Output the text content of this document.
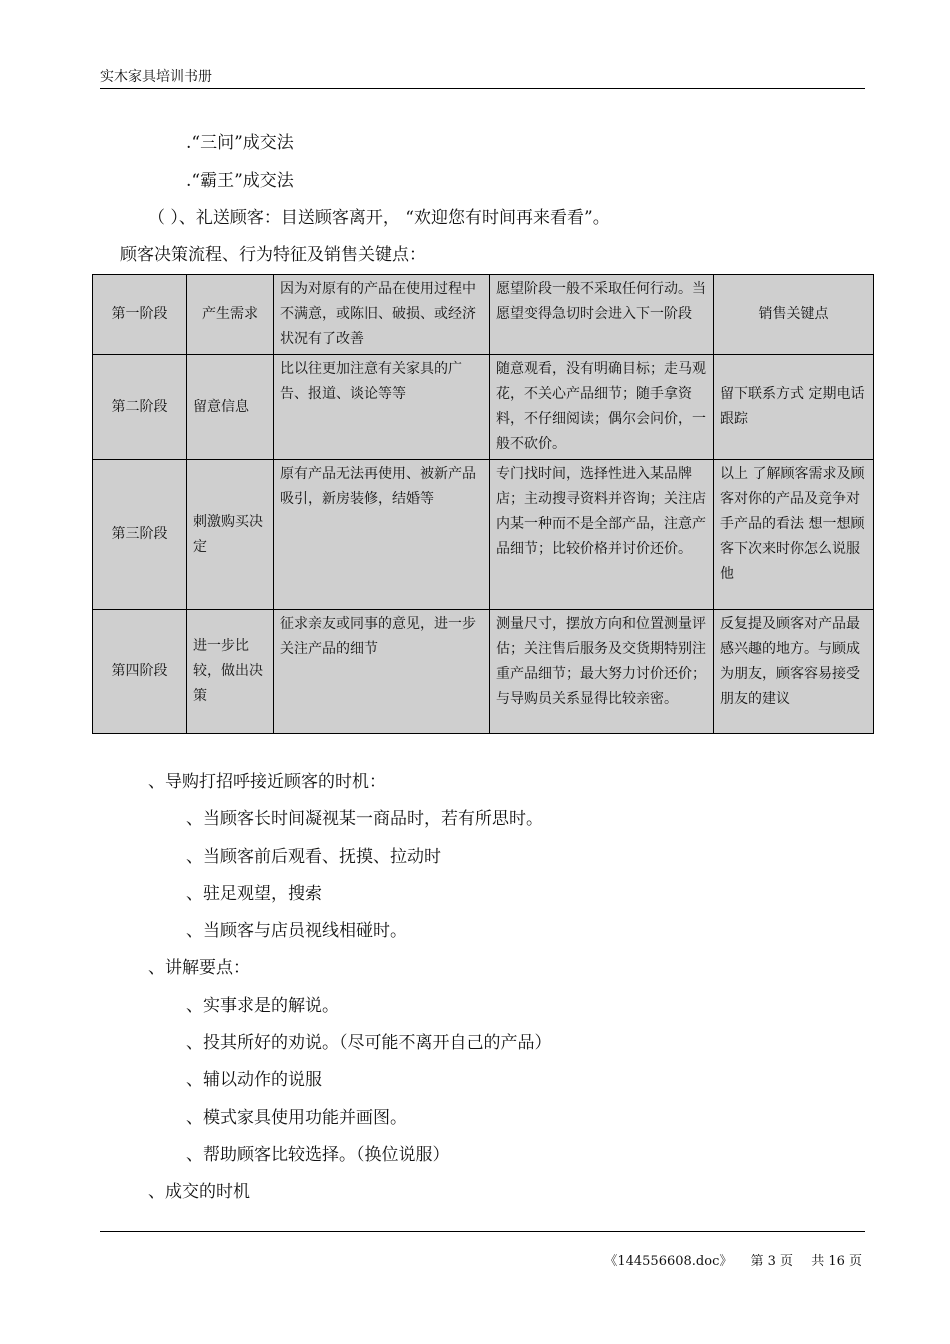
实木家具培训书册
.“三问”成交法
.“霸王”成交法
（ ）、礼送顾客：目送顾客离开， “欢迎您有时间再来看看”。
顾客决策流程、行为特征及销售关键点：
第一阶段	产生需求	因为对原有的产品在使用过程中不满意，或陈旧、破损、或经济状况有了改善	愿望阶段一般不采取任何行动。当愿望变得急切时会进入下一阶段	销售关键点
第二阶段	留意信息	比以往更加注意有关家具的广告、报道、谈论等等	随意观看，没有明确目标；走马观花，不关心产品细节；随手拿资料，不仔细阅读；偶尔会问价，一般不砍价。	留下联系方式 定期电话跟踪
第三阶段	刺激购买决定	原有产品无法再使用、被新产品吸引，新房装修，结婚等	专门找时间，选择性进入某品牌店；主动搜寻资料并咨询；关注店内某一种而不是全部产品，注意产品细节；比较价格并讨价还价。	以上 了解顾客需求及顾客对你的产品及竞争对手产品的看法 想一想顾客下次来时你怎么说服他
第四阶段	进一步比较，做出决策	征求亲友或同事的意见，进一步关注产品的细节	测量尺寸，摆放方向和位置测量评估；关注售后服务及交货期特别注重产品细节；最大努力讨价还价；与导购员关系显得比较亲密。	反复提及顾客对产品最感兴趣的地方。与顾成为朋友，顾客容易接受朋友的建议
、导购打招呼接近顾客的时机：
、当顾客长时间凝视某一商品时，若有所思时。
、当顾客前后观看、抚摸、拉动时
、驻足观望，搜索
、当顾客与店员视线相碰时。
、讲解要点：
、实事求是的解说。
、投其所好的劝说。（尽可能不离开自己的产品）
、辅以动作的说服
、模式家具使用功能并画图。
、帮助顾客比较选择。（换位说服）
、成交的时机
《144556608.doc》 第 3 页 共 16 页
